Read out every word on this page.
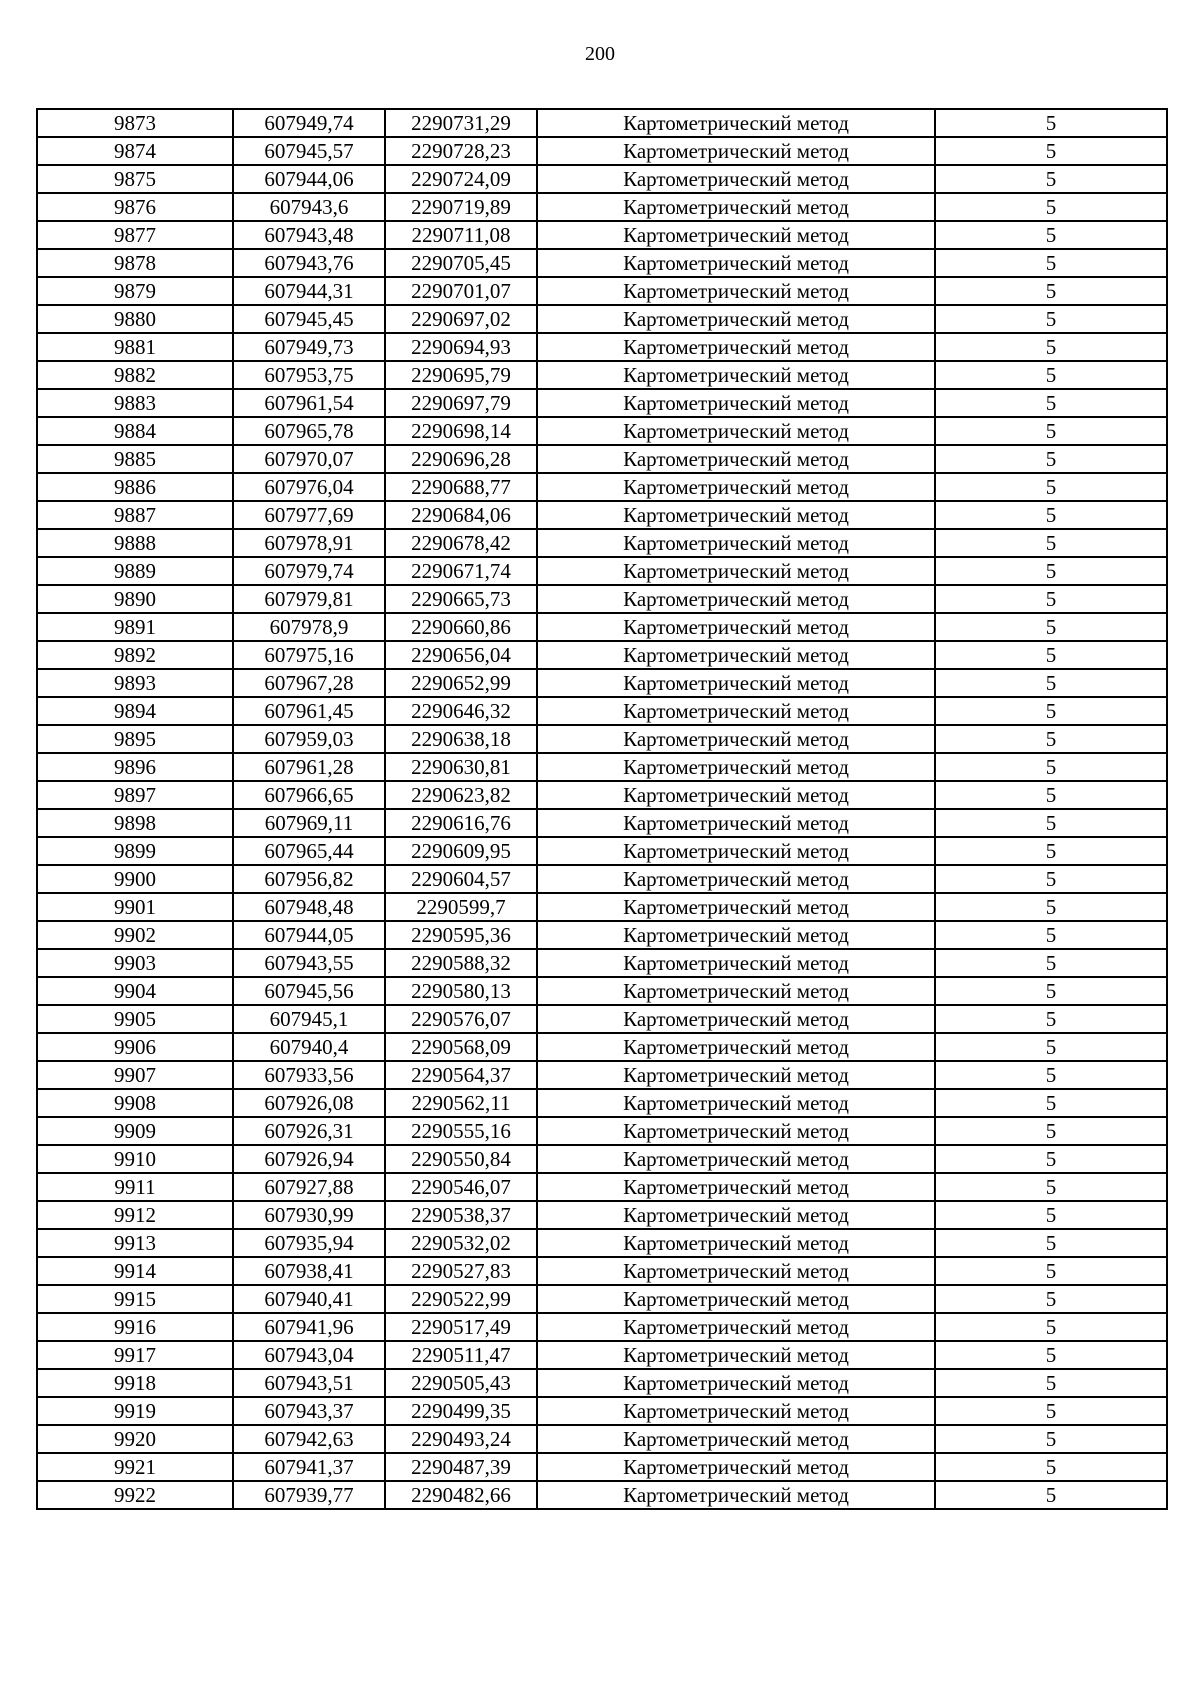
200
9873	607949,74	2290731,29	Картометрический метод	5
9874	607945,57	2290728,23	Картометрический метод	5
9875	607944,06	2290724,09	Картометрический метод	5
9876	607943,6	2290719,89	Картометрический метод	5
9877	607943,48	2290711,08	Картометрический метод	5
9878	607943,76	2290705,45	Картометрический метод	5
9879	607944,31	2290701,07	Картометрический метод	5
9880	607945,45	2290697,02	Картометрический метод	5
9881	607949,73	2290694,93	Картометрический метод	5
9882	607953,75	2290695,79	Картометрический метод	5
9883	607961,54	2290697,79	Картометрический метод	5
9884	607965,78	2290698,14	Картометрический метод	5
9885	607970,07	2290696,28	Картометрический метод	5
9886	607976,04	2290688,77	Картометрический метод	5
9887	607977,69	2290684,06	Картометрический метод	5
9888	607978,91	2290678,42	Картометрический метод	5
9889	607979,74	2290671,74	Картометрический метод	5
9890	607979,81	2290665,73	Картометрический метод	5
9891	607978,9	2290660,86	Картометрический метод	5
9892	607975,16	2290656,04	Картометрический метод	5
9893	607967,28	2290652,99	Картометрический метод	5
9894	607961,45	2290646,32	Картометрический метод	5
9895	607959,03	2290638,18	Картометрический метод	5
9896	607961,28	2290630,81	Картометрический метод	5
9897	607966,65	2290623,82	Картометрический метод	5
9898	607969,11	2290616,76	Картометрический метод	5
9899	607965,44	2290609,95	Картометрический метод	5
9900	607956,82	2290604,57	Картометрический метод	5
9901	607948,48	2290599,7	Картометрический метод	5
9902	607944,05	2290595,36	Картометрический метод	5
9903	607943,55	2290588,32	Картометрический метод	5
9904	607945,56	2290580,13	Картометрический метод	5
9905	607945,1	2290576,07	Картометрический метод	5
9906	607940,4	2290568,09	Картометрический метод	5
9907	607933,56	2290564,37	Картометрический метод	5
9908	607926,08	2290562,11	Картометрический метод	5
9909	607926,31	2290555,16	Картометрический метод	5
9910	607926,94	2290550,84	Картометрический метод	5
9911	607927,88	2290546,07	Картометрический метод	5
9912	607930,99	2290538,37	Картометрический метод	5
9913	607935,94	2290532,02	Картометрический метод	5
9914	607938,41	2290527,83	Картометрический метод	5
9915	607940,41	2290522,99	Картометрический метод	5
9916	607941,96	2290517,49	Картометрический метод	5
9917	607943,04	2290511,47	Картометрический метод	5
9918	607943,51	2290505,43	Картометрический метод	5
9919	607943,37	2290499,35	Картометрический метод	5
9920	607942,63	2290493,24	Картометрический метод	5
9921	607941,37	2290487,39	Картометрический метод	5
9922	607939,77	2290482,66	Картометрический метод	5
